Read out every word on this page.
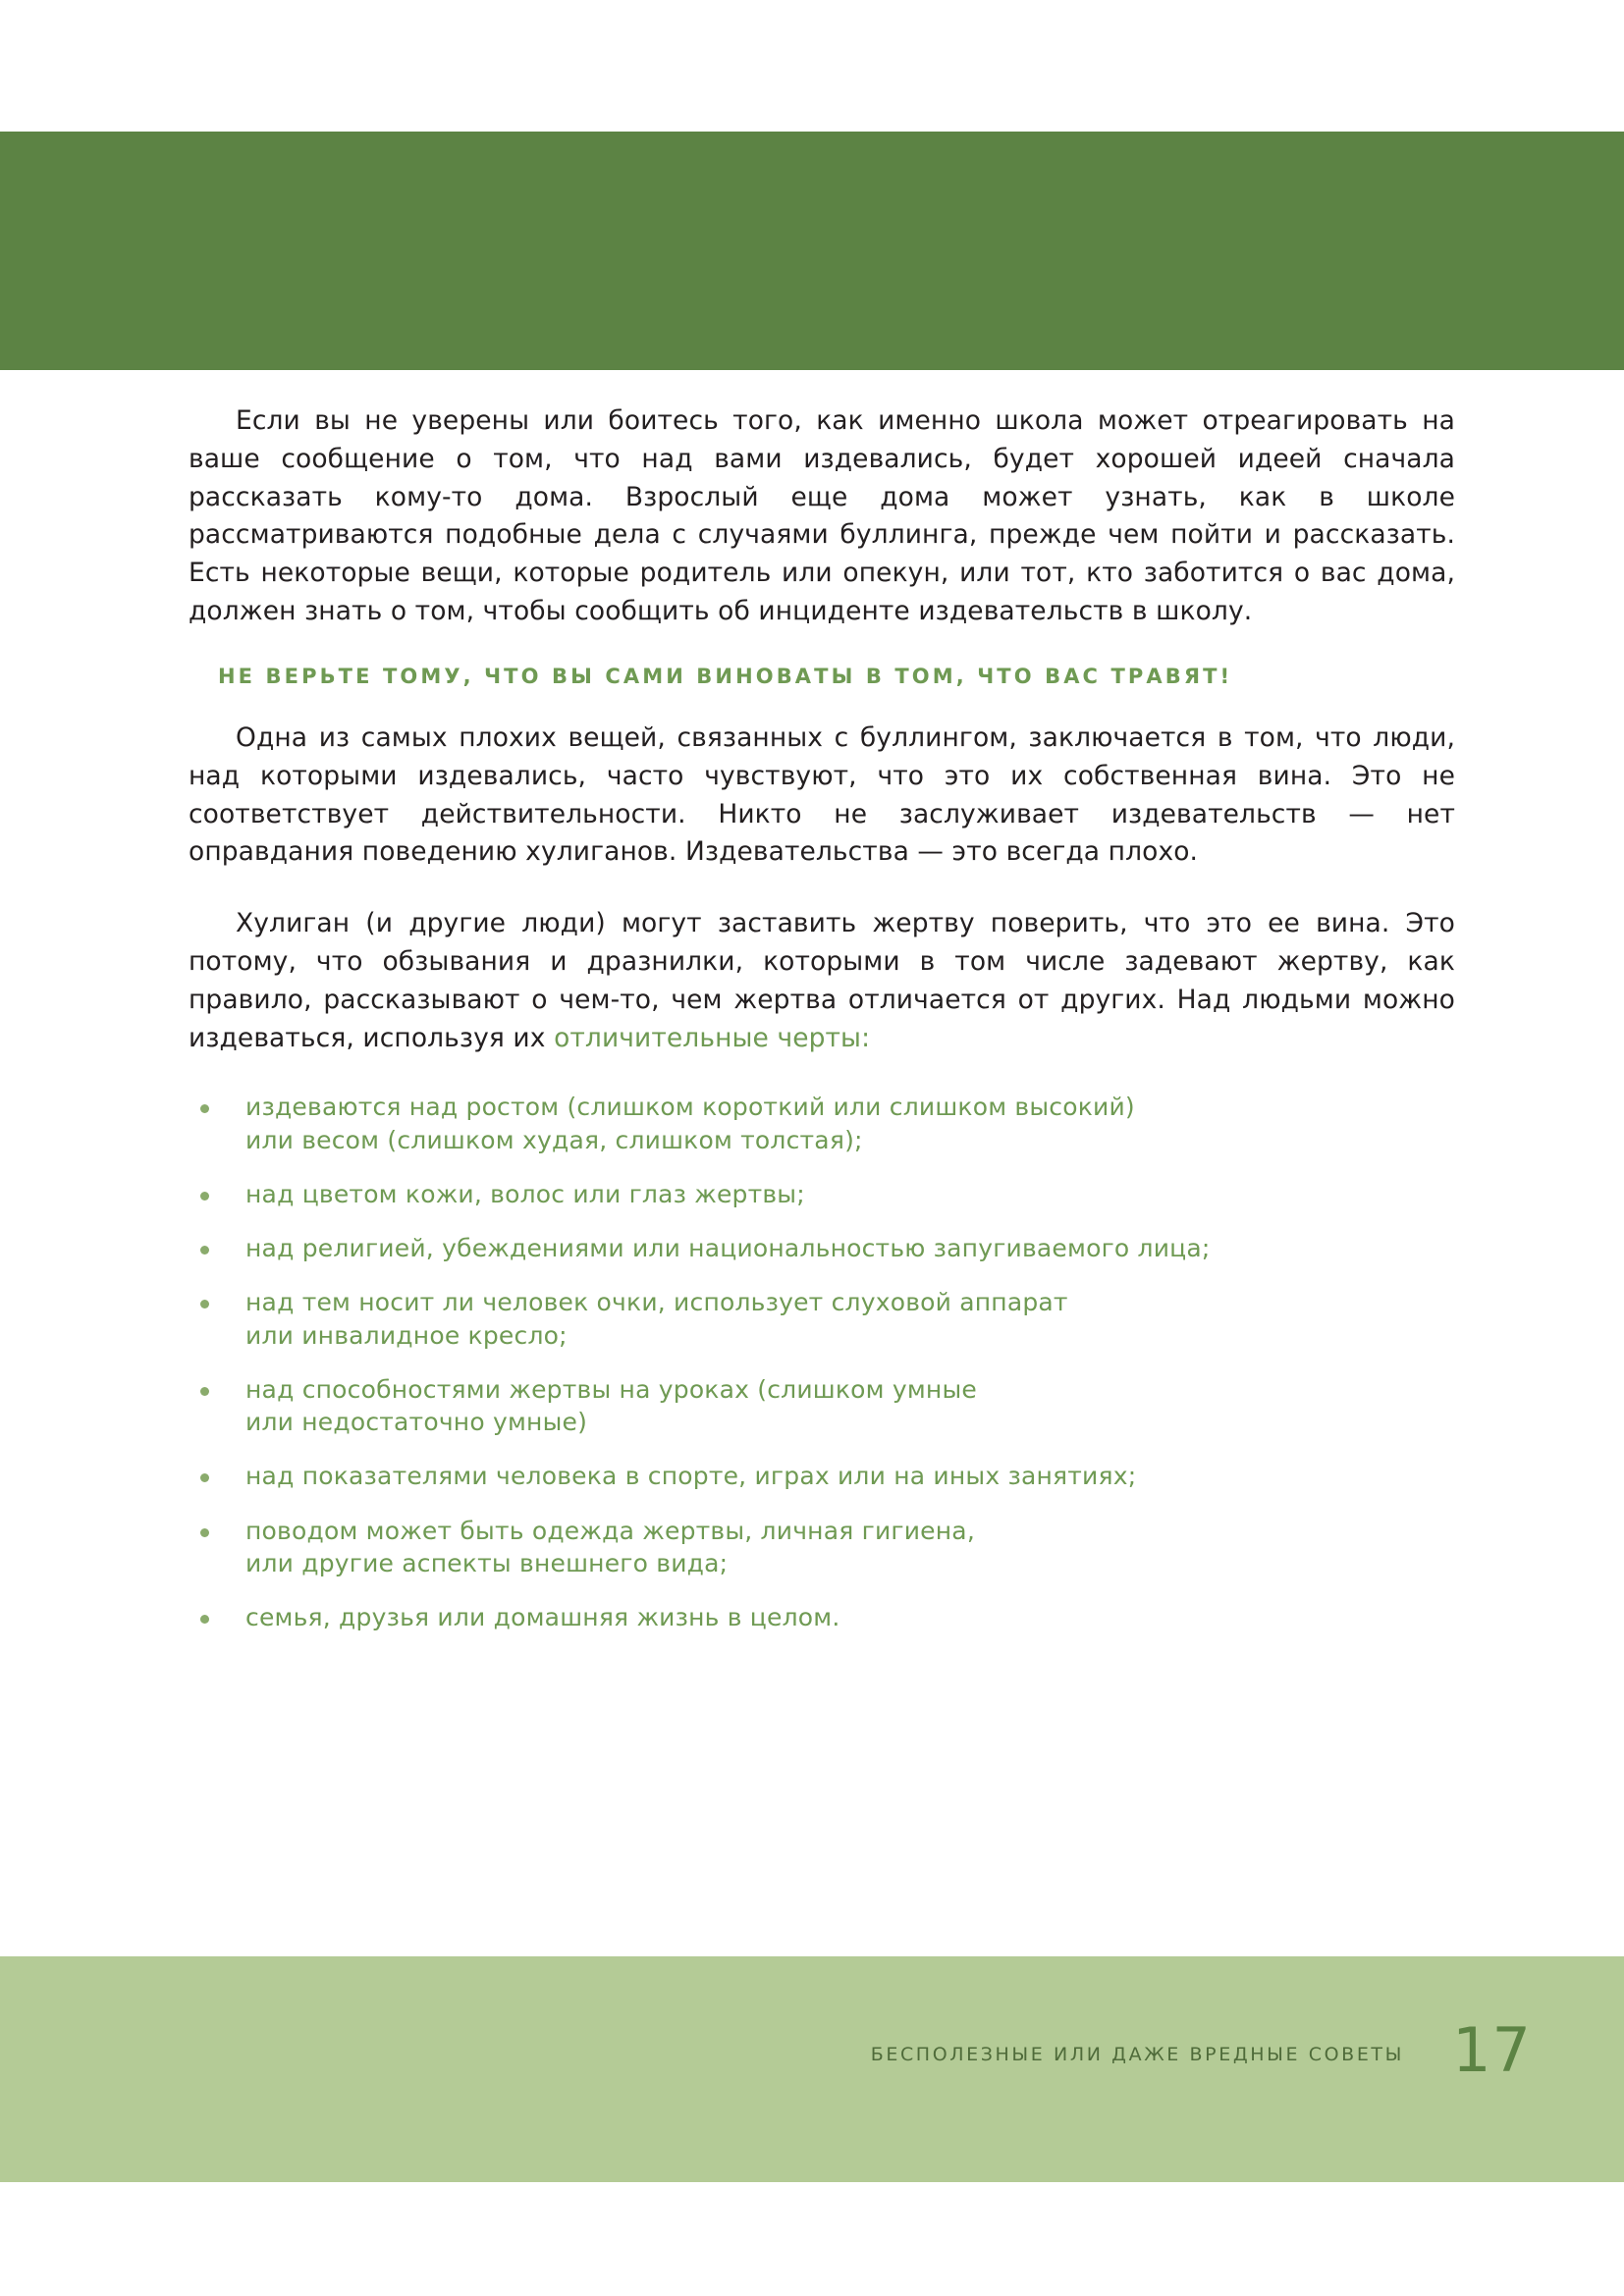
Если вы не уверены или боитесь того, как именно школа может отреагировать на ваше сообщение о том, что над вами издевались, будет хорошей идеей сначала рассказать кому-то дома. Взрослый еще дома может узнать, как в школе рассматриваются подобные дела с случаями буллинга, прежде чем пойти и рассказать. Есть некоторые вещи, которые родитель или опекун, или тот, кто заботится о вас дома, должен знать о том, чтобы сообщить об инциденте издевательств в школу.

НЕ ВЕРЬТЕ ТОМУ, ЧТО ВЫ САМИ ВИНОВАТЫ В ТОМ, ЧТО ВАС ТРАВЯТ!

Одна из самых плохих вещей, связанных с буллингом, заключается в том, что люди, над которыми издевались, часто чувствуют, что это их собственная вина. Это не соответствует действительности. Никто не заслуживает издевательств — нет оправдания поведению хулиганов. Издевательства — это всегда плохо.

Хулиган (и другие люди) могут заставить жертву поверить, что это ее вина. Это потому, что обзывания и дразнилки, которыми в том числе задевают жертву, как правило, рассказывают о чем-то, чем жертва отличается от других. Над людьми можно издеваться, используя их отличительные черты:

издеваются над ростом (слишком короткий или слишком высокий)
или весом (слишком худая, слишком толстая);
над цветом кожи, волос или глаз жертвы;
над религией, убеждениями или национальностью запугиваемого лица;
над тем носит ли человек очки, использует слуховой аппарат
или инвалидное кресло;
над способностями жертвы на уроках (слишком умные
или недостаточно умные)
над показателями человека в спорте, играх или на иных занятиях;
поводом может быть одежда жертвы, личная гигиена,
или другие аспекты внешнего вида;
семья, друзья или домашняя жизнь в целом.
БЕСПОЛЕЗНЫЕ ИЛИ ДАЖЕ ВРЕДНЫЕ СОВЕТЫ 17
